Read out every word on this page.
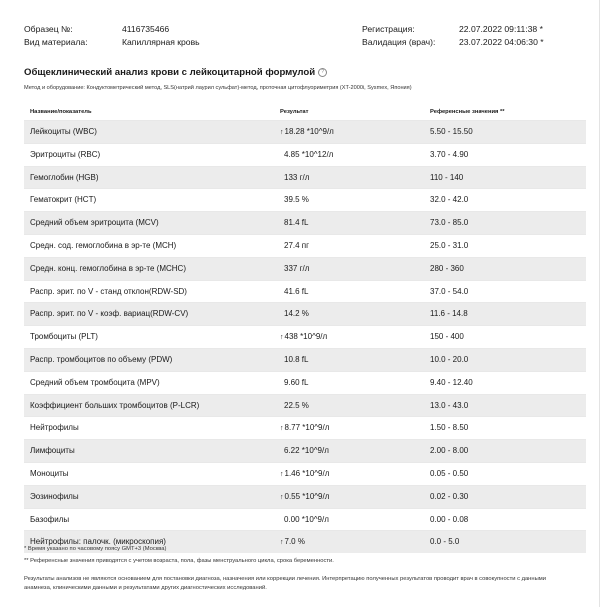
Образец №:	4116735466
Вид материала:	Капиллярная кровь
Регистрация:	22.07.2022 09:11:38 *
Валидация (врач):	23.07.2022 04:06:30 *
Общеклинический анализ крови с лейкоцитарной формулой ?
Метод и оборудование: Кондуктометрический метод, SLS(натрий лаурил сульфат)-метод, проточная цитофлуориметрия (XT-2000i, Sysmex, Япония)
Название/показатель	Результат	Референсные значения **
Лейкоциты (WBC)	↑18.28 *10^9/л	5.50 - 15.50
Эритроциты (RBC)	4.85 *10^12/л	3.70 - 4.90
Гемоглобин (HGB)	133 г/л	110 - 140
Гематокрит (HCT)	39.5 %	32.0 - 42.0
Средний объем эритроцита (MCV)	81.4 fL	73.0 - 85.0
Средн. сод. гемоглобина в эр-те (MCH)	27.4 пг	25.0 - 31.0
Средн. конц. гемоглобина в эр-те (MCHC)	337 г/л	280 - 360
Распр. эрит. по V - станд отклон(RDW-SD)	41.6 fL	37.0 - 54.0
Распр. эрит. по V - коэф. вариац(RDW-CV)	14.2 %	11.6 - 14.8
Тромбоциты (PLT)	↑438 *10^9/л	150 - 400
Распр. тромбоцитов по объему (PDW)	10.8 fL	10.0 - 20.0
Средний объем тромбоцита (MPV)	9.60 fL	9.40 - 12.40
Коэффициент больших тромбоцитов (P-LCR)	22.5 %	13.0 - 43.0
Нейтрофилы	↑8.77 *10^9/л	1.50 - 8.50
Лимфоциты	6.22 *10^9/л	2.00 - 8.00
Моноциты	↑1.46 *10^9/л	0.05 - 0.50
Эозинофилы	↑0.55 *10^9/л	0.02 - 0.30
Базофилы	0.00 *10^9/л	0.00 - 0.08
Нейтрофилы: палочк. (микроскопия)	↑7.0 %	0.0 - 5.0
* Время указано по часовому поясу GMT+3 (Москва)
** Референсные значения приводятся с учетом возраста, пола, фазы менструального цикла, срока беременности.
Результаты анализов не являются основанием для постановки диагноза, назначения или коррекции лечения. Интерпретацию полученных результатов проводит врач в совокупности с данными анамнеза, клиническими данными и результатами других диагностических исследований.
